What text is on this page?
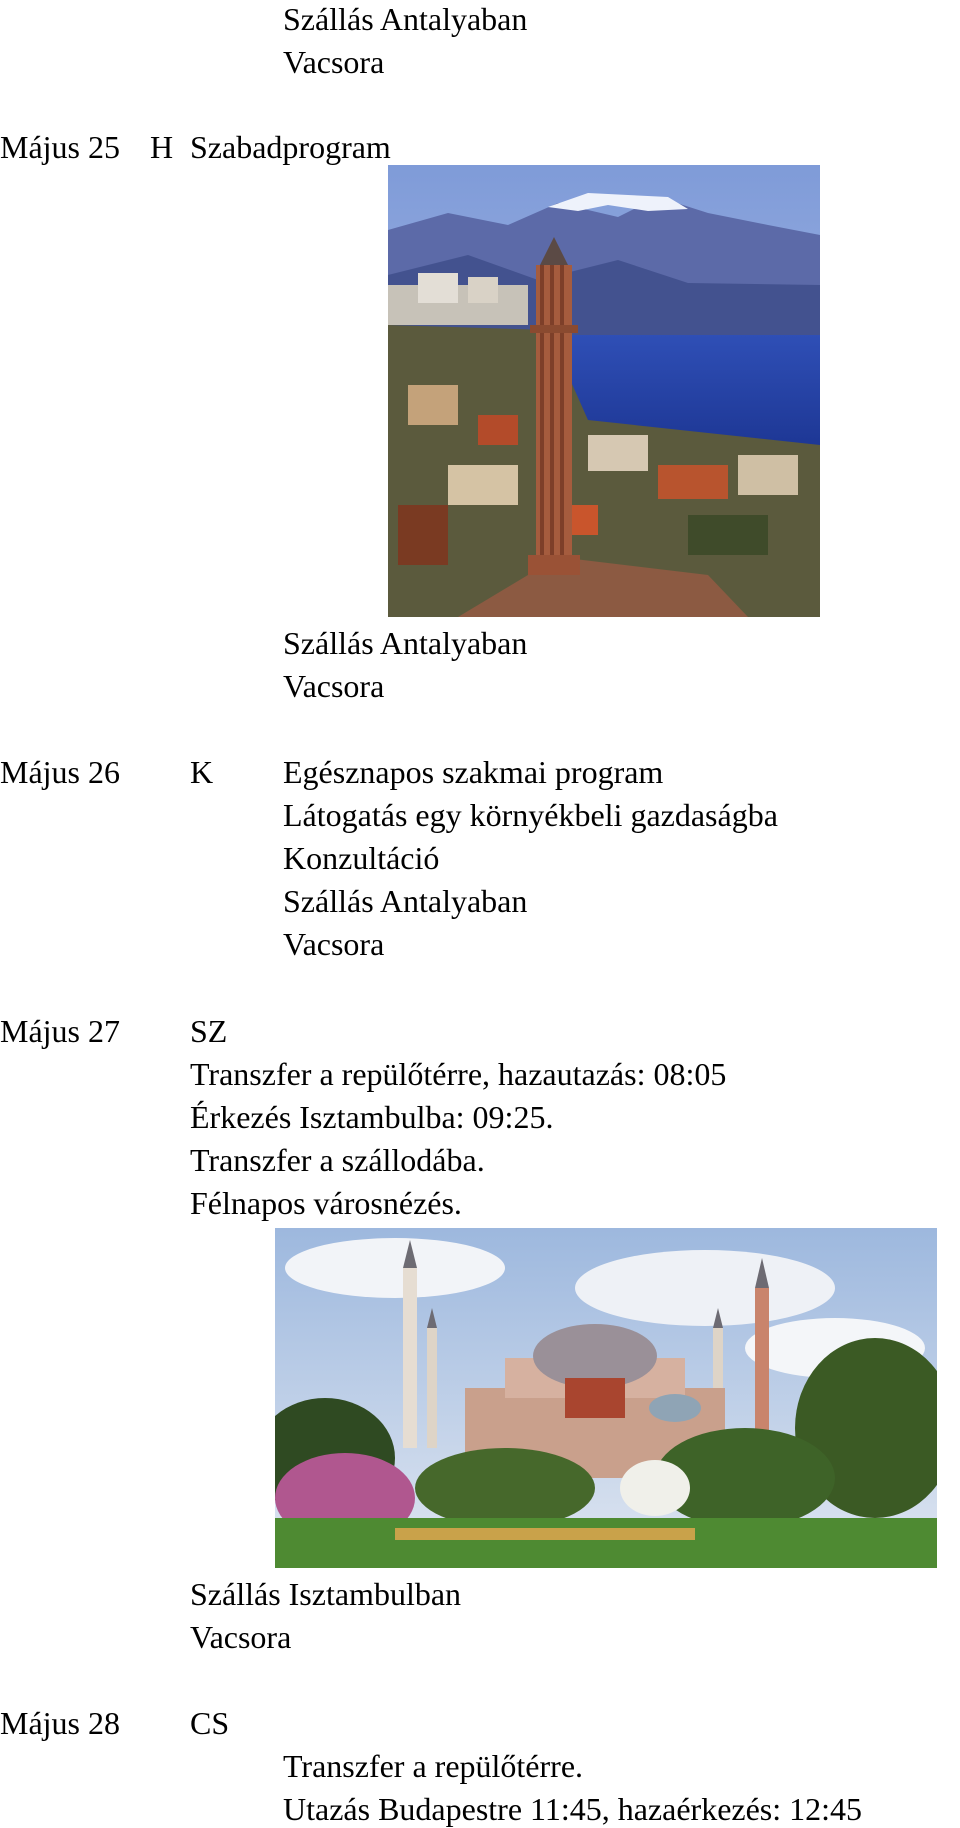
Szállás Antalyaban
Vacsora
Május 25 H Szabadprogram
Szállás Antalyaban
Vacsora
Május 26 K Egésznapos szakmai program
Látogatás egy környékbeli gazdaságba
Konzultáció
Szállás Antalyaban
Vacsora
Május 27 SZ
Transzfer a repülőtérre, hazautazás: 08:05
Érkezés Isztambulba: 09:25.
Transzfer a szállodába.
Félnapos városnézés.
Szállás Isztambulban
Vacsora
Május 28 CS
Transzfer a repülőtérre.
Utazás Budapestre 11:45, hazaérkezés: 12:45
